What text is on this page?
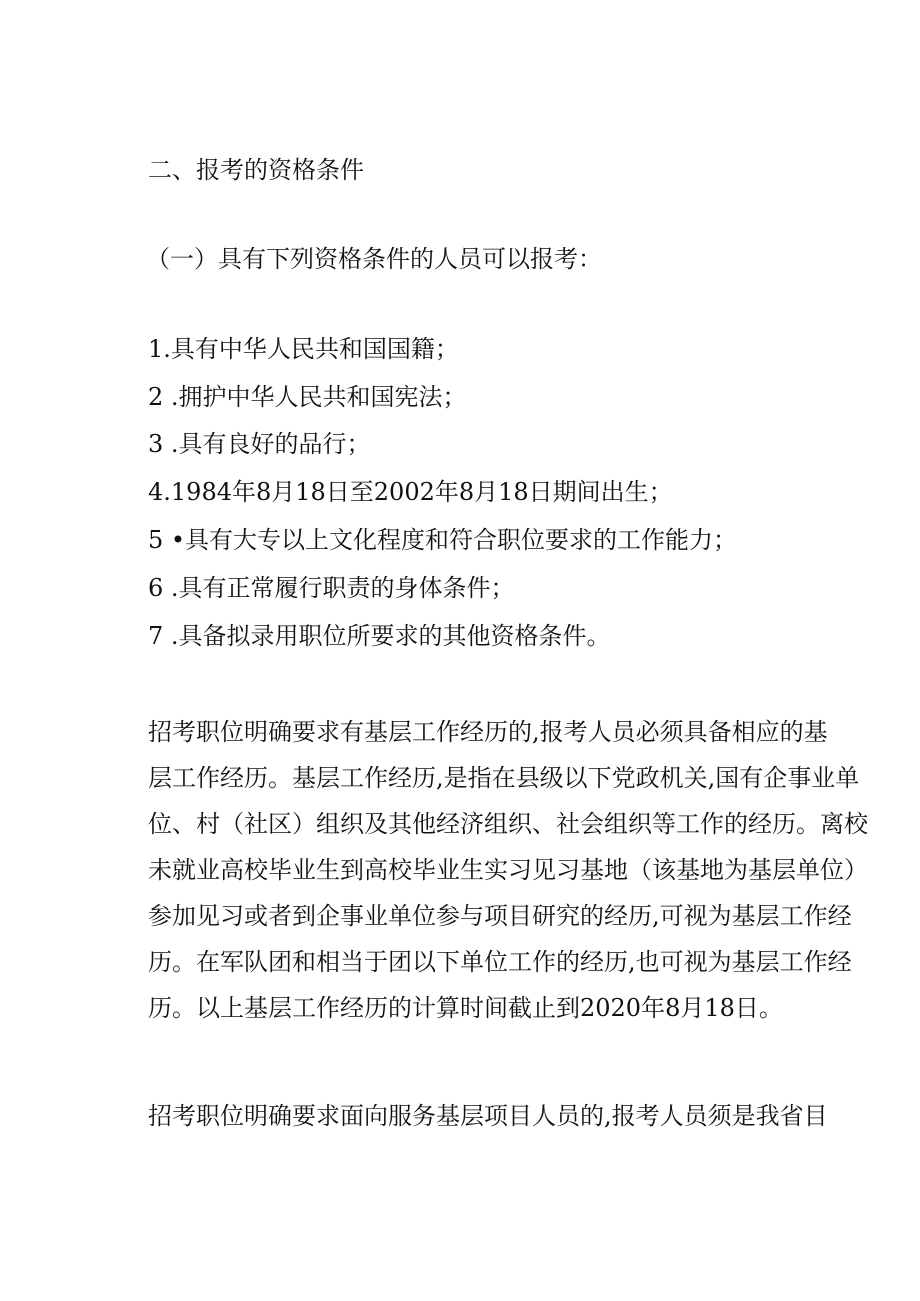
二、报考的资格条件
（一）具有下列资格条件的人员可以报考：
1.具有中华人民共和国国籍；
2 .拥护中华人民共和国宪法；
3 .具有良好的品行；
4.1984年8月18日至2002年8月18日期间出生；
5 •具有大专以上文化程度和符合职位要求的工作能力；
6 .具有正常履行职责的身体条件；
7 .具备拟录用职位所要求的其他资格条件。
招考职位明确要求有基层工作经历的,报考人员必须具备相应的基
层工作经历。基层工作经历,是指在县级以下党政机关,国有企事业单
位、村（社区）组织及其他经济组织、社会组织等工作的经历。离校
未就业高校毕业生到高校毕业生实习见习基地（该基地为基层单位）
参加见习或者到企事业单位参与项目研究的经历,可视为基层工作经
历。在军队团和相当于团以下单位工作的经历,也可视为基层工作经
历。以上基层工作经历的计算时间截止到2020年8月18日。
招考职位明确要求面向服务基层项目人员的,报考人员须是我省目
